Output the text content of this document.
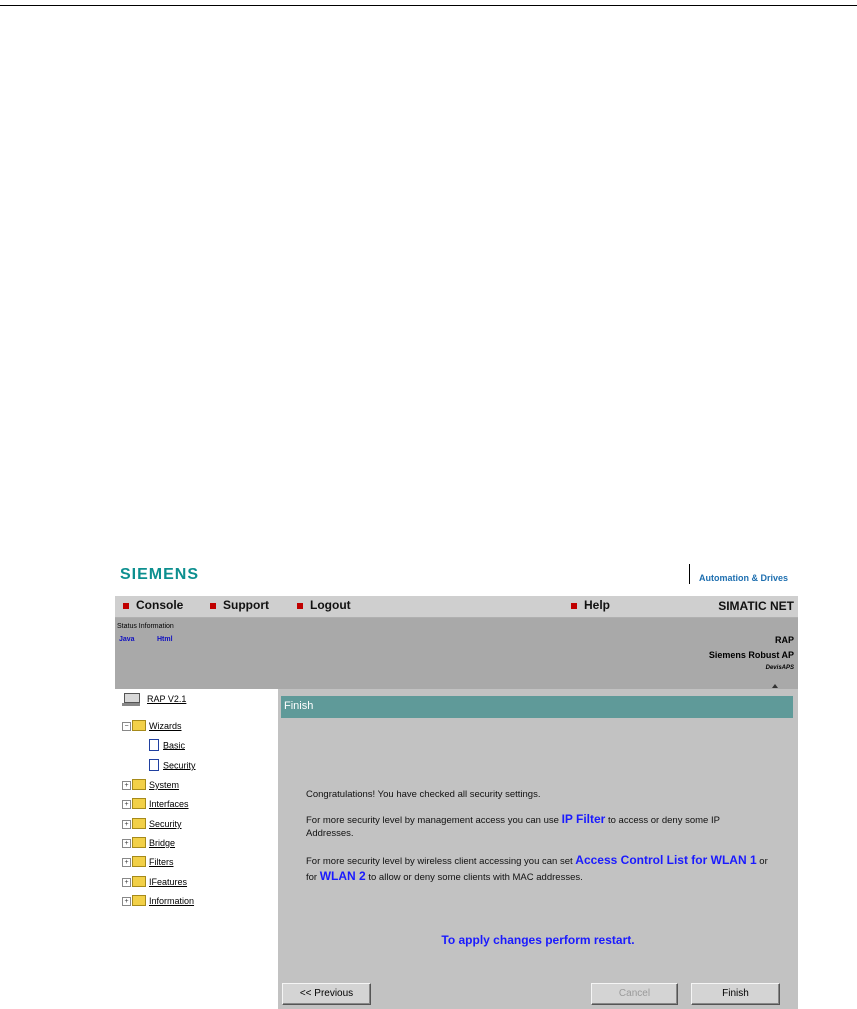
SIEMENS	Automation & Drives
Console	Support	Logout	Help	SIMATIC NET
Status Information
Java	Html	RAP
Siemens Robust AP
DevisAPS
RAP V2.1
− Wizards
Basic
Security
+ System
+ Interfaces
+ Security
+ Bridge
+ Filters
+ IFeatures
+ Information
Finish
Congratulations! You have checked all security settings.
For more security level by management access you can use IP Filter to access or deny some IP Addresses.
For more security level by wireless client accessing you can set Access Control List for WLAN 1 or for WLAN 2 to allow or deny some clients with MAC addresses.
To apply changes perform restart.
<< Previous	Cancel	Finish
